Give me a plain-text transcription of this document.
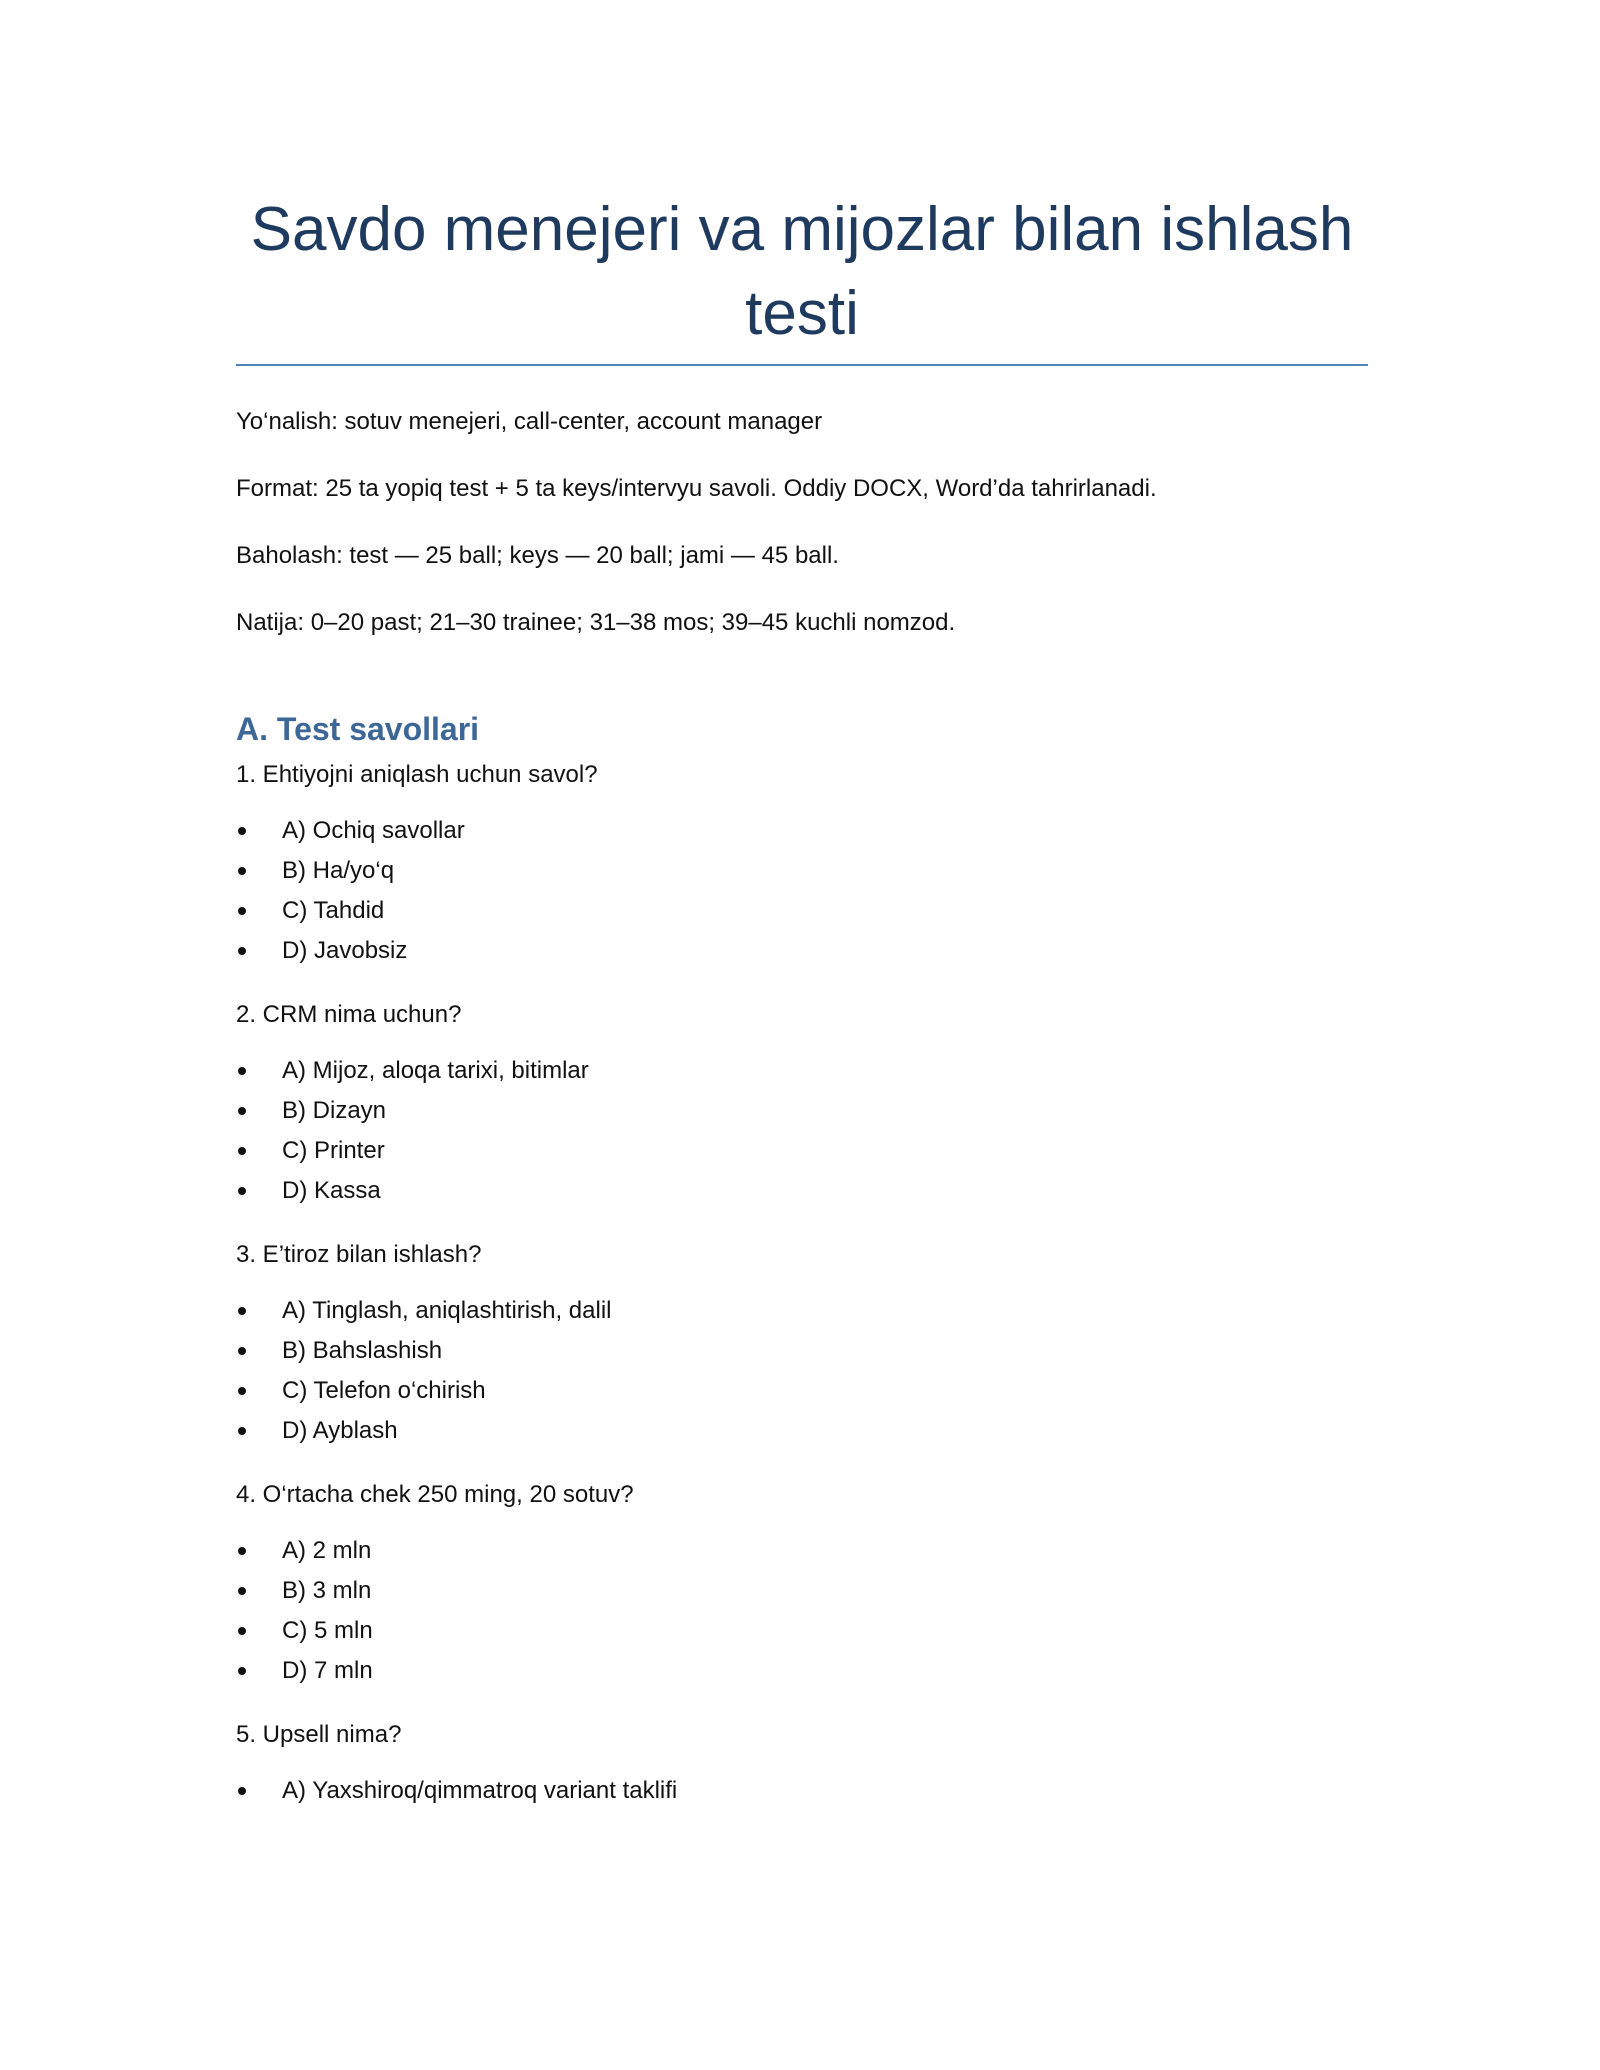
Savdo menejeri va mijozlar bilan ishlash testi

Yo‘nalish: sotuv menejeri, call-center, account manager

Format: 25 ta yopiq test + 5 ta keys/intervyu savoli. Oddiy DOCX, Word’da tahrirlanadi.

Baholash: test — 25 ball; keys — 20 ball; jami — 45 ball.

Natija: 0–20 past; 21–30 trainee; 31–38 mos; 39–45 kuchli nomzod.

A. Test savollari

1. Ehtiyojni aniqlash uchun savol?

A) Ochiq savollar
B) Ha/yo‘q
C) Tahdid
D) Javobsiz

2. CRM nima uchun?

A) Mijoz, aloqa tarixi, bitimlar
B) Dizayn
C) Printer
D) Kassa

3. E’tiroz bilan ishlash?

A) Tinglash, aniqlashtirish, dalil
B) Bahslashish
C) Telefon o‘chirish
D) Ayblash

4. O‘rtacha chek 250 ming, 20 sotuv?

A) 2 mln
B) 3 mln
C) 5 mln
D) 7 mln

5. Upsell nima?

A) Yaxshiroq/qimmatroq variant taklifi
